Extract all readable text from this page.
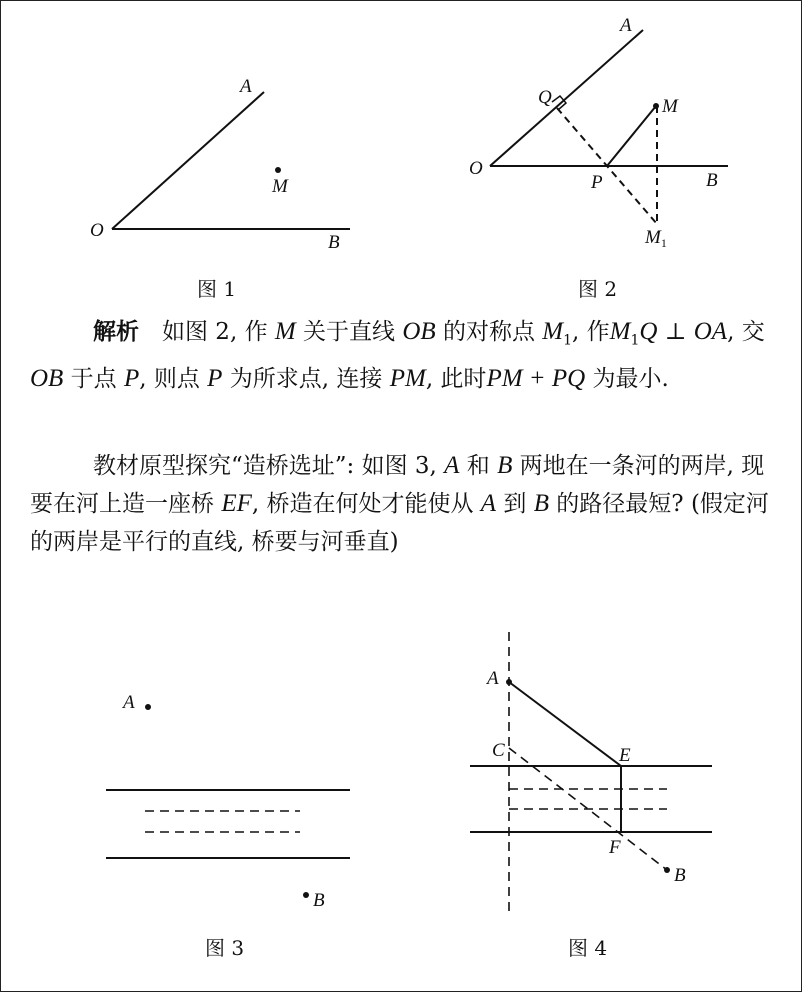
A
M
O
B
图 1
A
Q	M
O
P	B
$M_1$
图 2
A
B
图 3
A
C	E
F
B
图 4

解析  如图 2, 作 M 关于直线 OB 的对称点 $M_1$, 作$M_1Q$ ⊥ OA, 交 OB 于点 P, 则点 P 为所求点, 连接 PM, 此时PM + PQ 为最小.

教材原型探究“造桥选址”: 如图 3, A 和 B 两地在一条河的两岸, 现要在河上造一座桥 EF, 桥造在何处才能使从 A 到 B 的路径最短? (假定河的两岸是平行的直线, 桥要与河垂直)
